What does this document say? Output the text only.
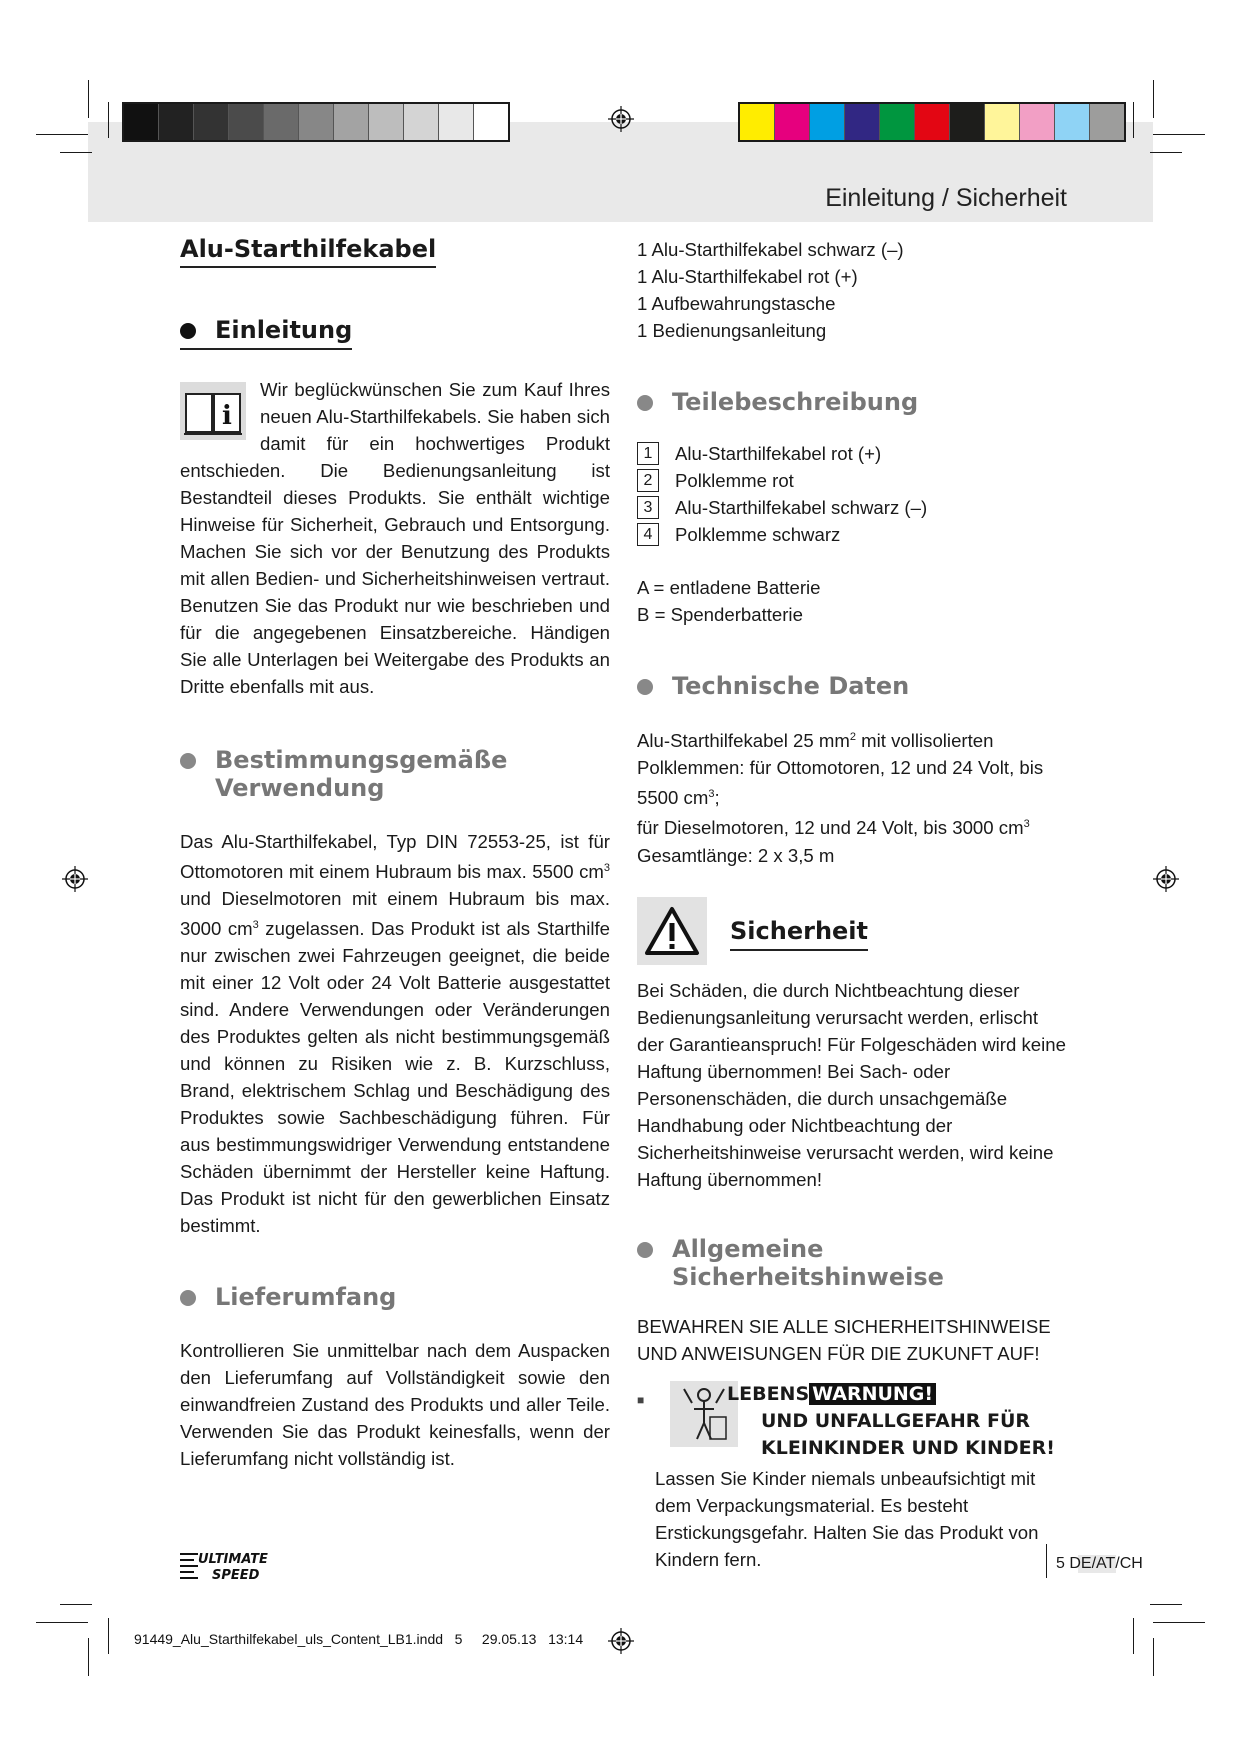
Einleitung / Sicherheit
Alu-Starthilfekabel
Einleitung
i

Wir beglückwünschen Sie zum Kauf Ihres neuen Alu-Starthilfekabels. Sie haben sich damit für ein hochwertiges Produkt entschieden. Die Bedienungsanleitung ist Bestandteil dieses Produkts. Sie enthält wichtige Hinweise für Sicherheit, Gebrauch und Entsorgung. Machen Sie sich vor der Benutzung des Produkts mit allen Bedien- und Sicherheitshinweisen vertraut. Benutzen Sie das Produkt nur wie beschrieben und für die angegebenen Einsatzbereiche. Händigen Sie alle Unterlagen bei Weitergabe des Produkts an Dritte ebenfalls mit aus.

Bestimmungsgemäße
Verwendung

Das Alu-Starthilfekabel, Typ DIN 72553-25, ist für Ottomotoren mit einem Hubraum bis max. 5500 $cm^3$ und Dieselmotoren mit einem Hubraum bis max. 3000 $cm^3$ zugelassen. Das Produkt ist als Starthilfe nur zwischen zwei Fahrzeugen geeignet, die beide mit einer 12 Volt oder 24 Volt Batterie ausgestattet sind. Andere Verwendungen oder Veränderungen des Produktes gelten als nicht bestimmungsgemäß und können zu Risiken wie z. B. Kurzschluss, Brand, elektrischem Schlag und Beschädigung des Produktes sowie Sachbeschädigung führen. Für aus bestimmungswidriger Verwendung entstandene Schäden übernimmt der Hersteller keine Haftung. Das Produkt ist nicht für den gewerblichen Einsatz bestimmt.

Lieferumfang

Kontrollieren Sie unmittelbar nach dem Auspacken den Lieferumfang auf Vollständigkeit sowie den einwandfreien Zustand des Produkts und aller Teile. Verwenden Sie das Produkt keinesfalls, wenn der Lieferumfang nicht vollständig ist.

1 Alu-Starthilfekabel schwarz (–)
1 Alu-Starthilfekabel rot (+)
1 Aufbewahrungstasche
1 Bedienungsanleitung
Teilebeschreibung
1	Alu-Starthilfekabel rot (+)
2	Polklemme rot
3	Alu-Starthilfekabel schwarz (–)
4	Polklemme schwarz
A = entladene Batterie
B = Spenderbatterie
Technische Daten

Alu-Starthilfekabel 25 $mm^2$ mit vollisolierten Polklemmen: für Ottomotoren, 12 und 24 Volt, bis 5500 $cm^3$;
für Dieselmotoren, 12 und 24 Volt, bis 3000 $cm^3$
Gesamtlänge: 2 x 3,5 m

Sicherheit

Bei Schäden, die durch Nichtbeachtung dieser Bedienungsanleitung verursacht werden, erlischt der Garantieanspruch! Für Folgeschäden wird keine Haftung übernommen! Bei Sach- oder Personenschäden, die durch unsachgemäße Handhabung oder Nichtbeachtung der Sicherheitshinweise verursacht werden, wird keine Haftung übernommen!

Allgemeine Sicherheitshinweise
BEWAHREN SIE ALLE SICHERHEITSHINWEISE
UND ANWEISUNGEN FÜR DIE ZUKUNFT AUF!
■	LEBENS WARNUNG!
UND UNFALLGEFAHR FÜR
KLEINKINDER UND KINDER!

Lassen Sie Kinder niemals unbeaufsichtigt mit dem Verpackungsmaterial. Es besteht Erstickungsgefahr. Halten Sie das Produkt von Kindern fern.

ULTIMATE
SPEED
5 DE/AT/CH
91449_Alu_Starthilfekabel_uls_Content_LB1.indd   5     29.05.13   13:14
